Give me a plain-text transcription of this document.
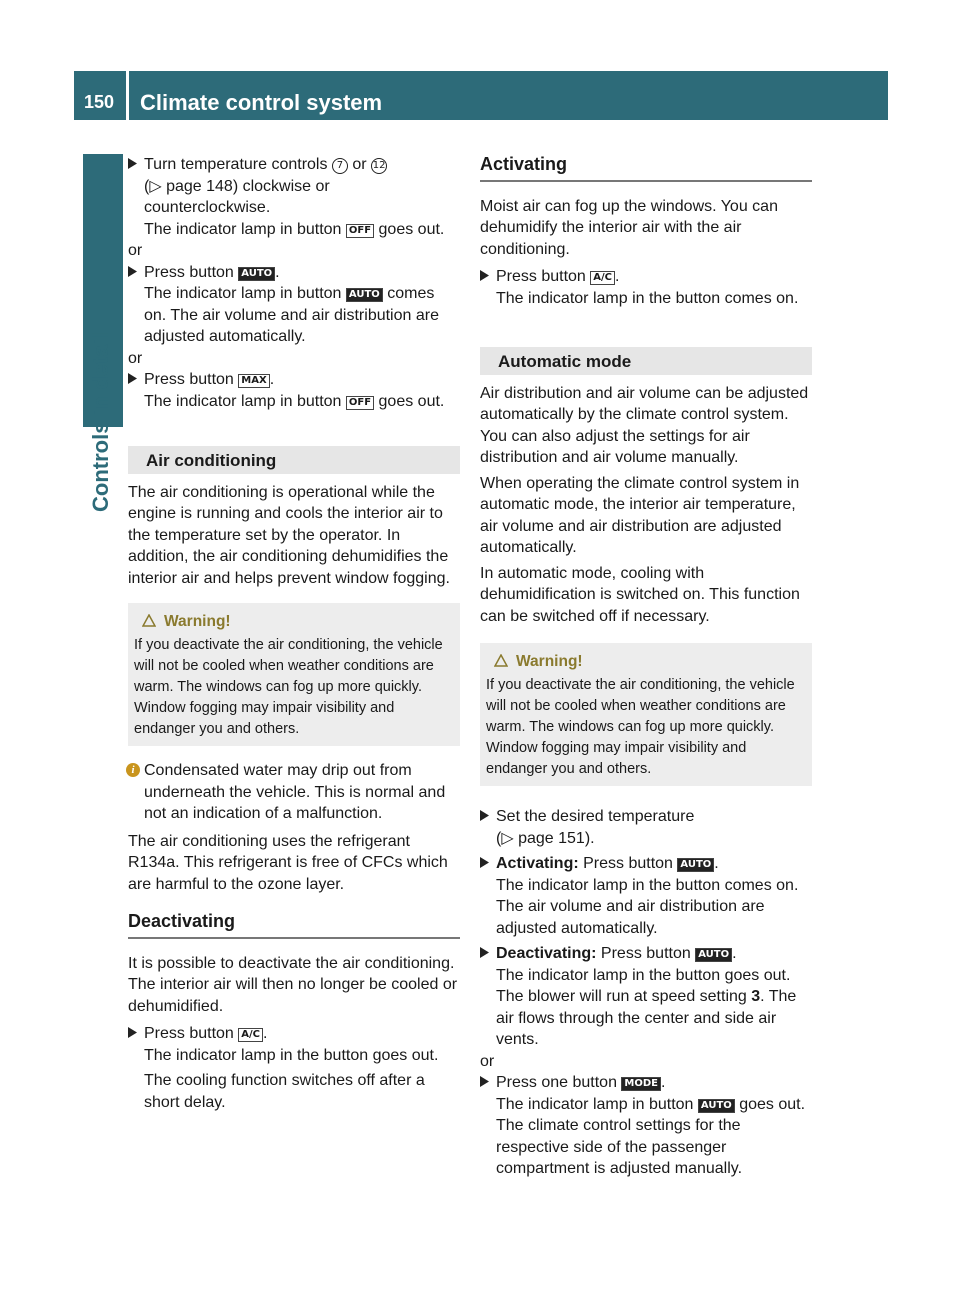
150 Climate control system
Controls in detail
Turn temperature controls 7 or 12
(▷ page 148) clockwise or
counterclockwise.
The indicator lamp in button OFF goes out.

or

Press button AUTO .
The indicator lamp in button AUTO comes
on. The air volume and air distribution are
adjusted automatically.

or

Press button MAX .
The indicator lamp in button OFF goes out.
Air conditioning

The air conditioning is operational while the engine is running and cools the interior air to the temperature set by the operator. In addition, the air conditioning dehumidifies the interior air and helps prevent window fogging.

Warning!
If you deactivate the air conditioning, the vehicle will not be cooled when weather conditions are warm. The windows can fog up more quickly. Window fogging may impair visibility and endanger you and others.
i Condensated water may drip out from underneath the vehicle. This is normal and not an indication of a malfunction.

The air conditioning uses the refrigerant R134a. This refrigerant is free of CFCs which are harmful to the ozone layer.

Deactivating

It is possible to deactivate the air conditioning. The interior air will then no longer be cooled or dehumidified.

Press button A/C .
The indicator lamp in the button goes out.
The cooling function switches off after a short delay.
Activating

Moist air can fog up the windows. You can dehumidify the interior air with the air conditioning.

Press button A/C .
The indicator lamp in the button comes on.
Automatic mode

Air distribution and air volume can be adjusted automatically by the climate control system. You can also adjust the settings for air distribution and air volume manually.

When operating the climate control system in automatic mode, the interior air temperature, air volume and air distribution are adjusted automatically.

In automatic mode, cooling with dehumidification is switched on. This function can be switched off if necessary.

Warning!
If you deactivate the air conditioning, the vehicle will not be cooled when weather conditions are warm. The windows can fog up more quickly. Window fogging may impair visibility and endanger you and others.
Set the desired temperature
(▷ page 151).
Activating: Press button AUTO .
The indicator lamp in the button comes on. The air volume and air distribution are adjusted automatically.
Deactivating: Press button AUTO .
The indicator lamp in the button goes out. The blower will run at speed setting 3. The air flows through the center and side air vents.

or

Press one button MODE .
The indicator lamp in button AUTO goes out. The climate control settings for the respective side of the passenger compartment is adjusted manually.
